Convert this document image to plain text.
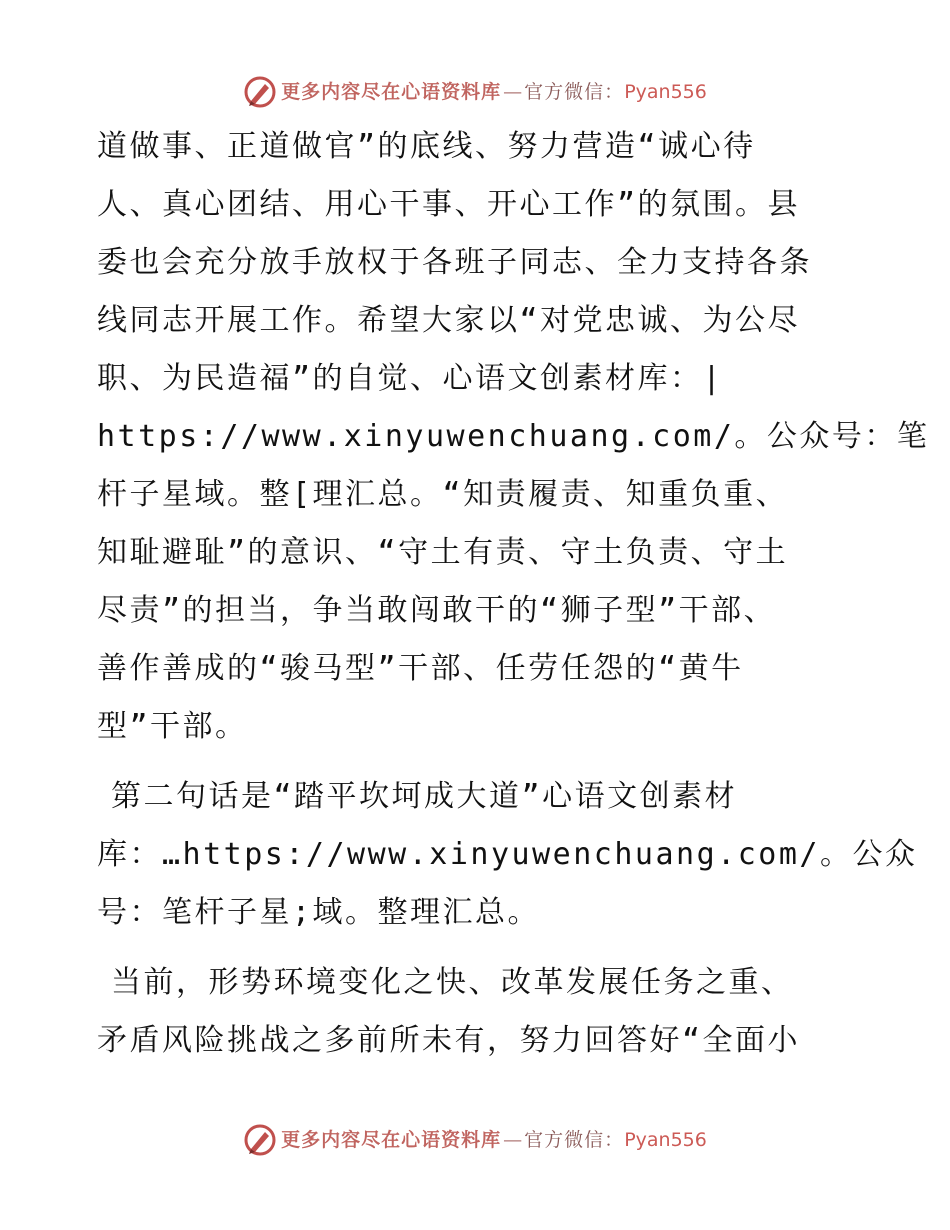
更多内容尽在心语资料库 — 官方微信： Pyan556
道做事、正道做官”的底线、努力营造“诚心待
人、真心团结、用心干事、开心工作”的氛围。县
委也会充分放手放权于各班子同志、全力支持各条
线同志开展工作。希望大家以“对党忠诚、为公尽
职、为民造福”的自觉、心语文创素材库：|
https://www.xinyuwenchuang.com/。公众号：笔
杆子星域。整[理汇总。“知责履责、知重负重、
知耻避耻”的意识、“守土有责、守土负责、守土
尽责”的担当，争当敢闯敢干的“狮子型”干部、
善作善成的“骏马型”干部、任劳任怨的“黄牛
型”干部。
第二句话是“踏平坎坷成大道”心语文创素材
库：…https://www.xinyuwenchuang.com/。公众
号：笔杆子星;域。整理汇总。
当前，形势环境变化之快、改革发展任务之重、
矛盾风险挑战之多前所未有，努力回答好“全面小
更多内容尽在心语资料库 — 官方微信： Pyan556
